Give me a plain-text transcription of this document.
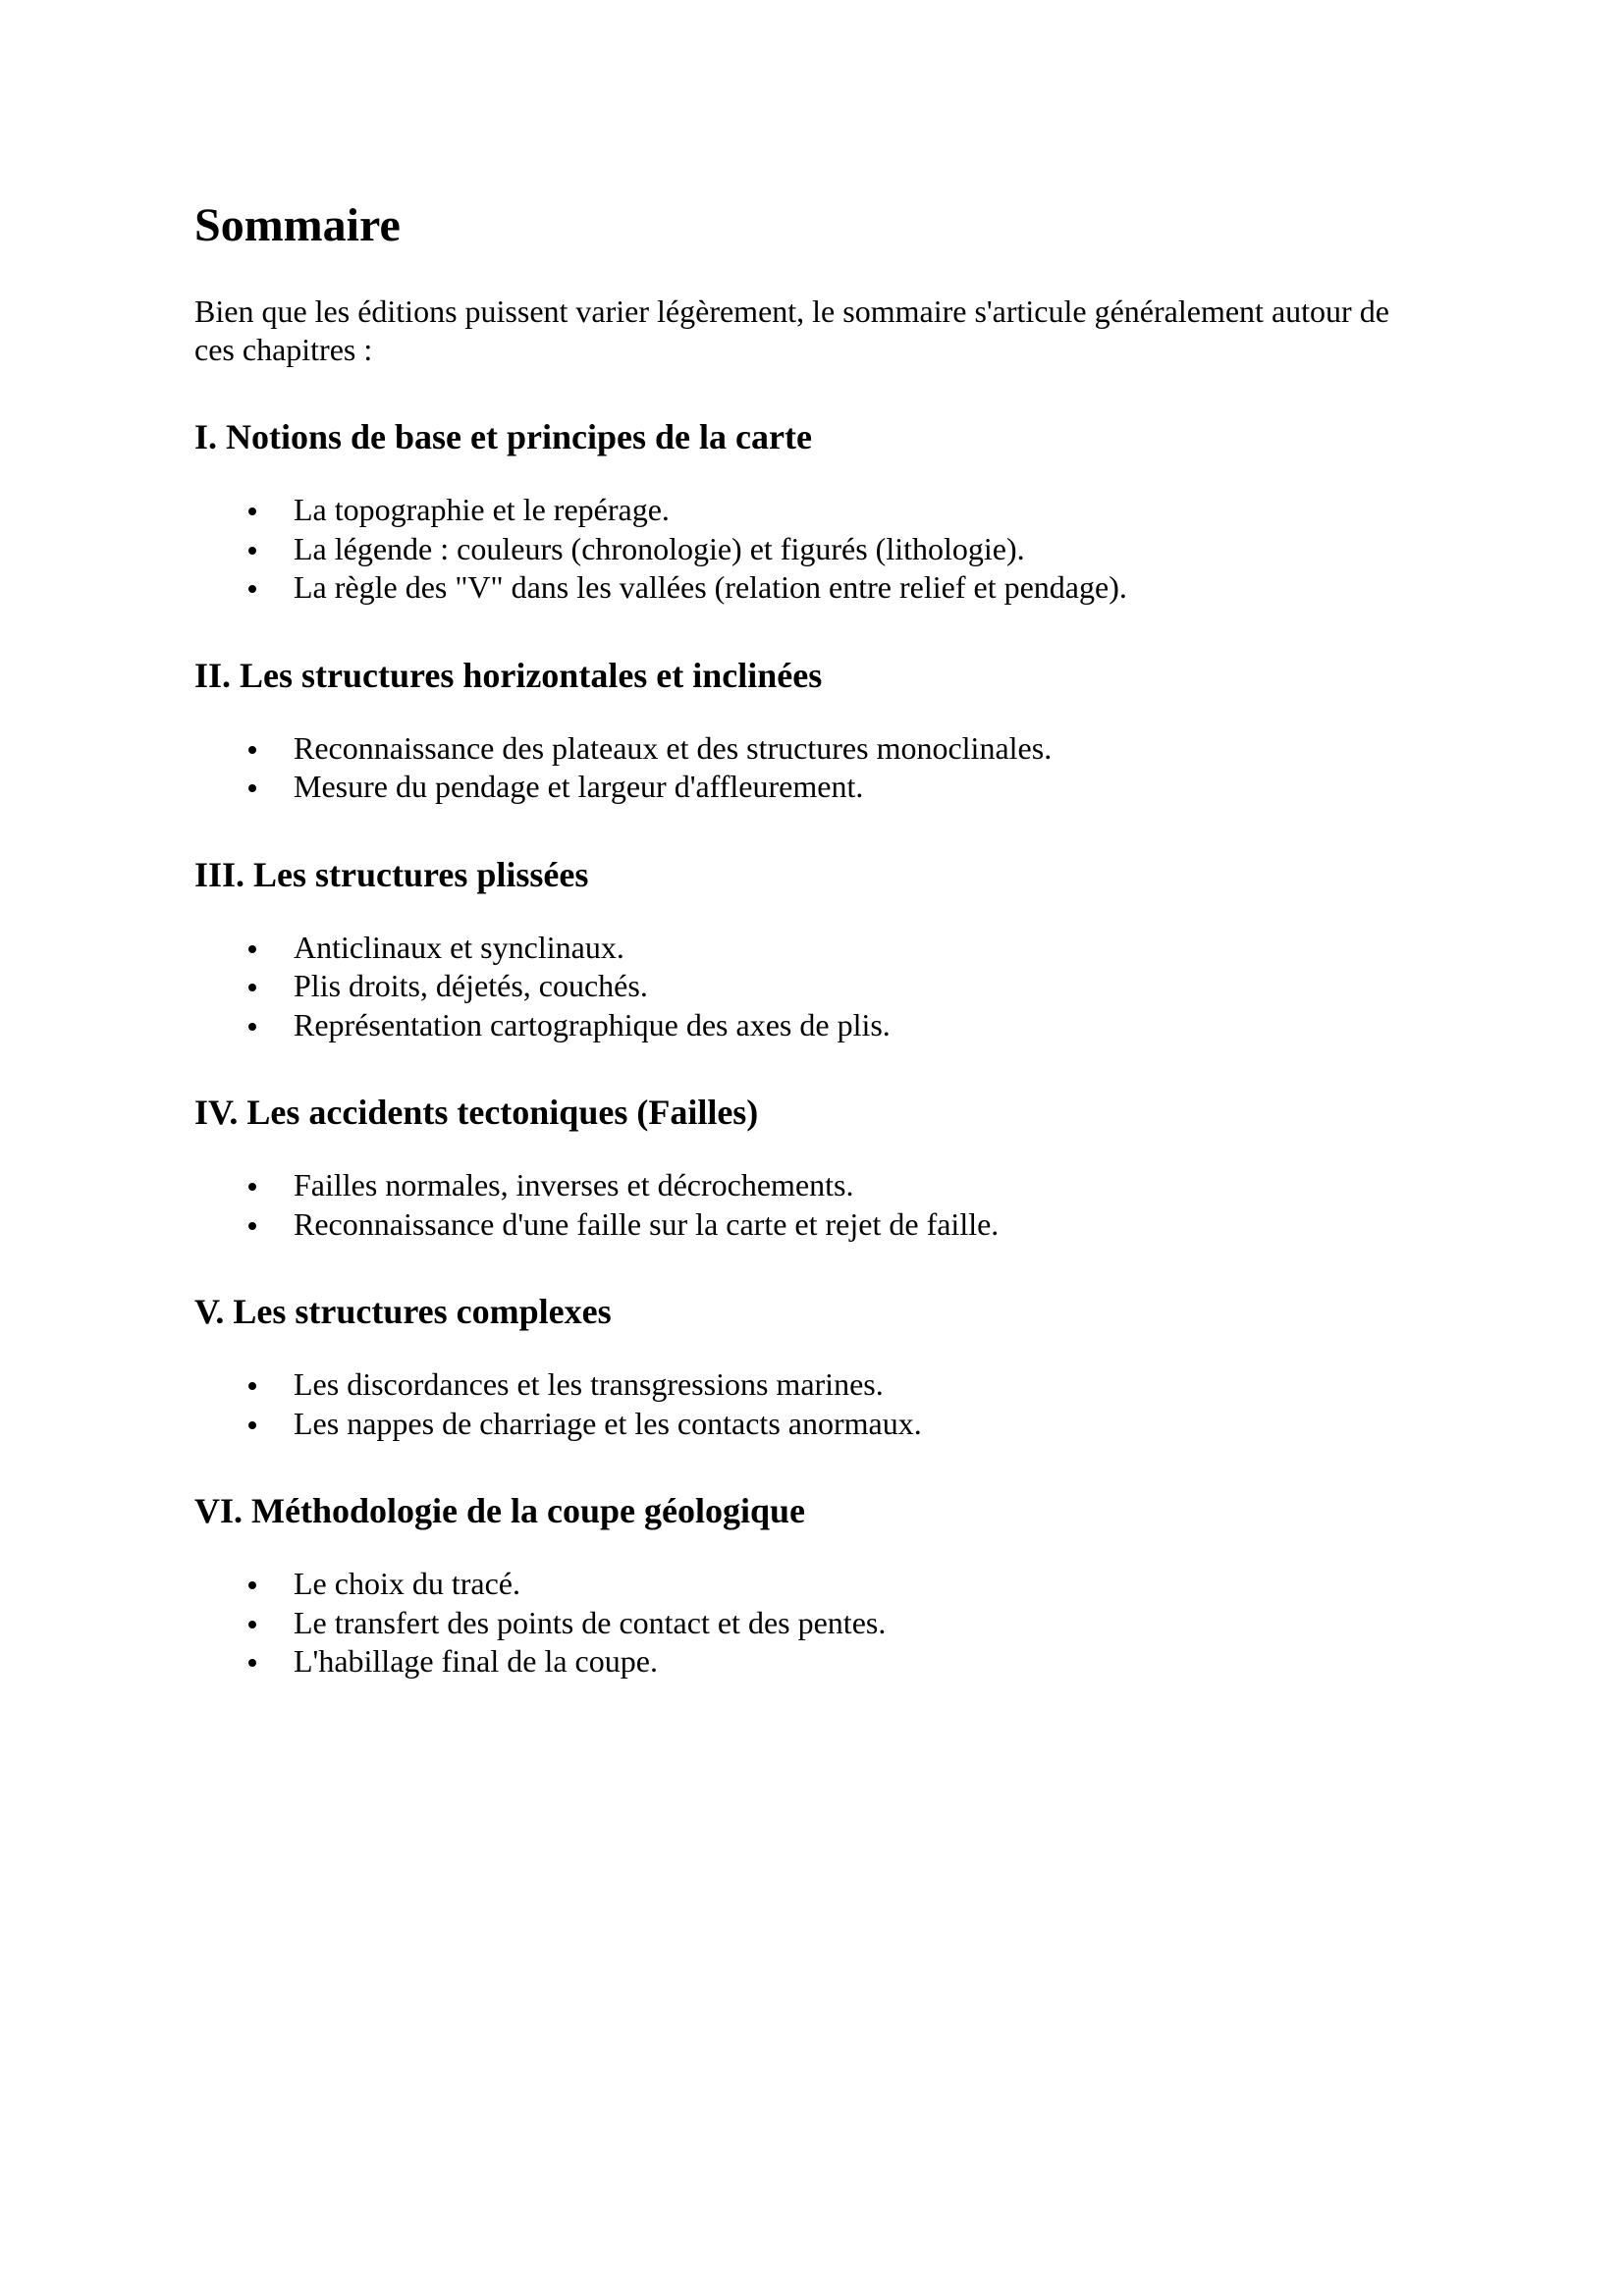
Sommaire

Bien que les éditions puissent varier légèrement, le sommaire s'articule généralement autour de ces chapitres :

I. Notions de base et principes de la carte
La topographie et le repérage.
La légende : couleurs (chronologie) et figurés (lithologie).
La règle des "V" dans les vallées (relation entre relief et pendage).
II. Les structures horizontales et inclinées
Reconnaissance des plateaux et des structures monoclinales.
Mesure du pendage et largeur d'affleurement.
III. Les structures plissées
Anticlinaux et synclinaux.
Plis droits, déjetés, couchés.
Représentation cartographique des axes de plis.
IV. Les accidents tectoniques (Failles)
Failles normales, inverses et décrochements.
Reconnaissance d'une faille sur la carte et rejet de faille.
V. Les structures complexes
Les discordances et les transgressions marines.
Les nappes de charriage et les contacts anormaux.
VI. Méthodologie de la coupe géologique
Le choix du tracé.
Le transfert des points de contact et des pentes.
L'habillage final de la coupe.
